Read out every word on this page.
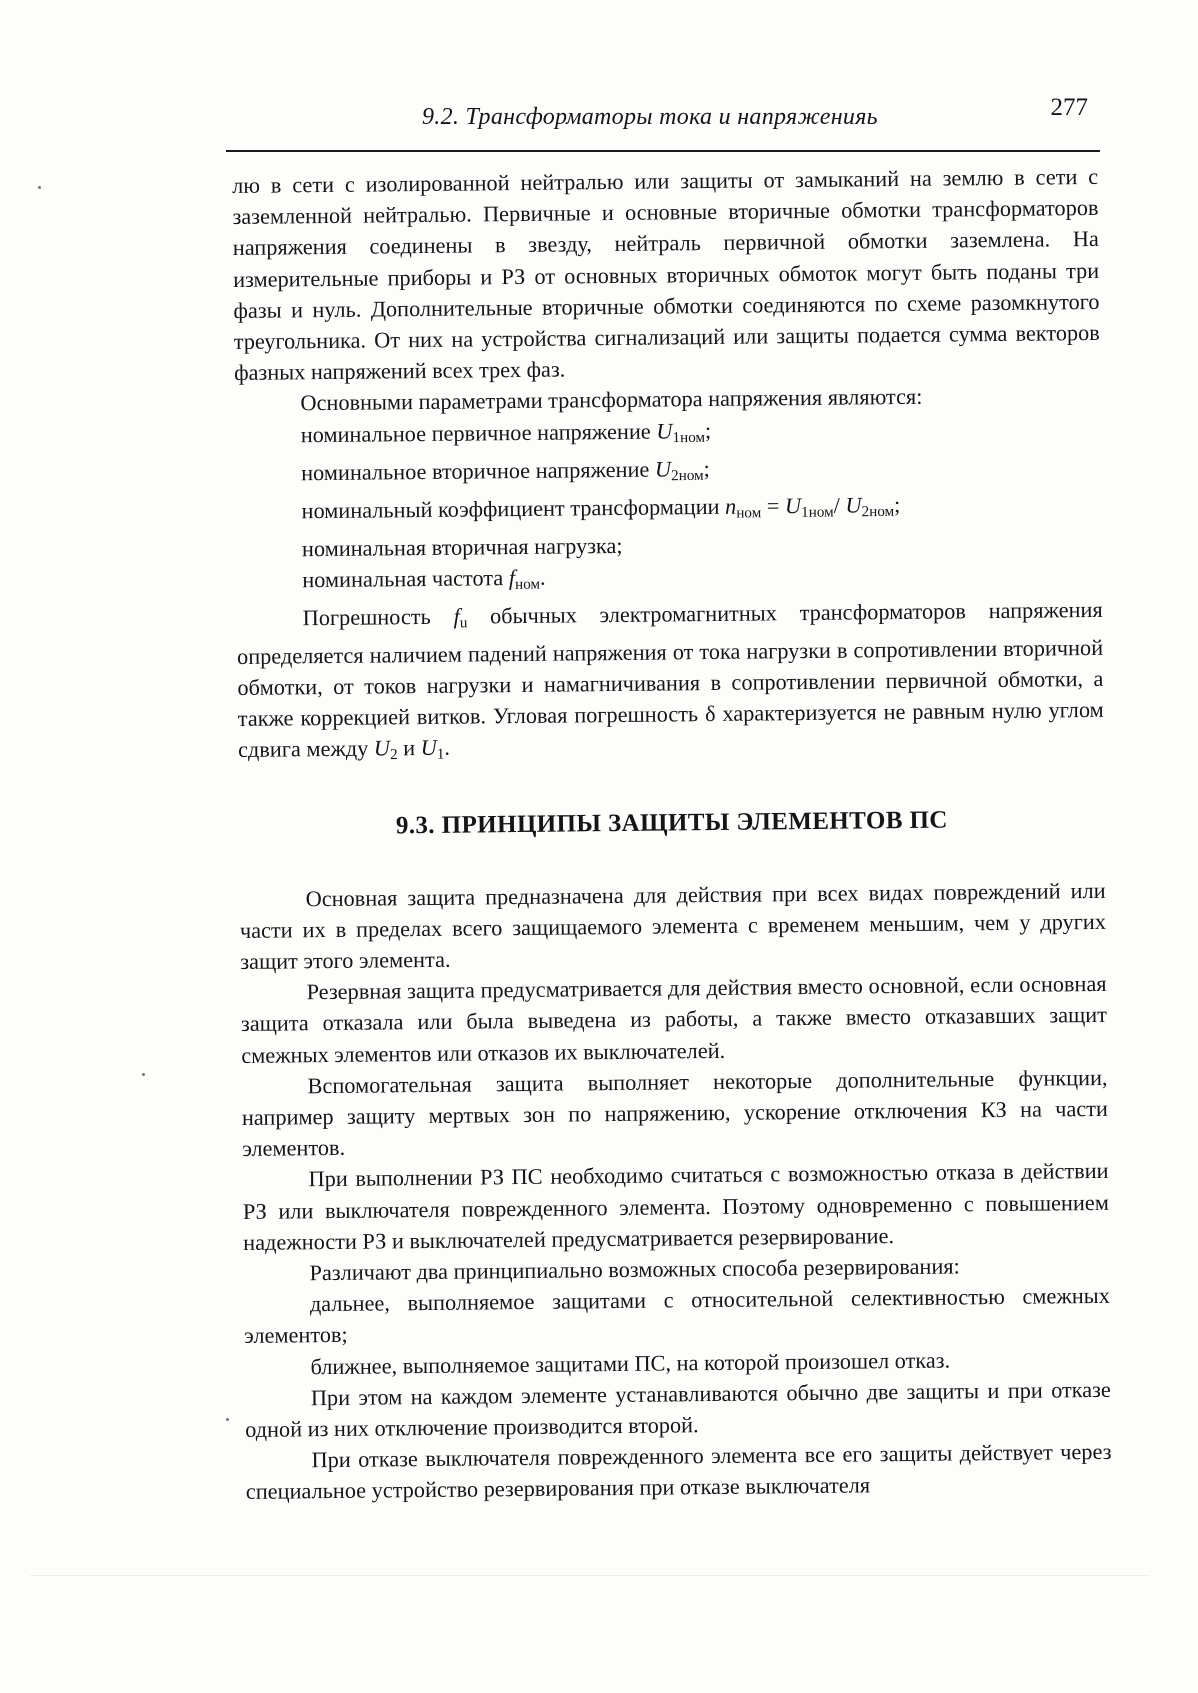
9.2. Трансформаторы тока и напряженияь	277

лю в сети с изолированной нейтралью или защиты от замыканий на землю в сети с заземленной нейтралью. Первичные и основные вторичные обмотки трансформаторов напряжения соединены в звезду, нейтраль первичной обмотки заземлена. На измерительные приборы и РЗ от основных вторичных обмоток могут быть поданы три фазы и нуль. Дополнительные вторичные обмотки соединяются по схеме разомкнутого треугольника. От них на устройства сигнализаций или защиты подается сумма векторов фазных напряжений всех трех фаз.

Основными параметрами трансформатора напряжения являются:

номинальное первичное напряжение $U_{1ном}$;

номинальное вторичное напряжение $U_{2ном}$;

номинальный коэффициент трансформации $n_{ном} = U_{1ном}/$ $U_{2ном}$;

номинальная вторичная нагрузка;

номинальная частота $f_{ном}$.

Погрешность $f_u$ обычных электромагнитных трансформаторов напряжения определяется наличием падений напряжения от тока нагрузки в сопротивлении вторичной обмотки, от токов нагрузки и намагничивания в сопротивлении первичной обмотки, а также коррекцией витков. Угловая погрешность δ характеризуется не равным нулю углом сдвига между $U_2$ и $U_1$.

9.3. ПРИНЦИПЫ ЗАЩИТЫ ЭЛЕМЕНТОВ ПС

Основная защита предназначена для действия при всех видах повреждений или части их в пределах всего защищаемого элемента с временем меньшим, чем у других защит этого элемента.

Резервная защита предусматривается для действия вместо основной, если основная защита отказала или была выведена из работы, а также вместо отказавших защит смежных элементов или отказов их выключателей.

Вспомогательная защита выполняет некоторые дополнительные функции, например защиту мертвых зон по напряжению, ускорение отключения КЗ на части элементов.

При выполнении РЗ ПС необходимо считаться с возможностью отказа в действии РЗ или выключателя поврежденного элемента. Поэтому одновременно с повышением надежности РЗ и выключателей предусматривается резервирование.

Различают два принципиально возможных способа резервирования:

дальнее, выполняемое защитами с относительной селективностью смежных элементов;

ближнее, выполняемое защитами ПС, на которой произошел отказ.

При этом на каждом элементе устанавливаются обычно две защиты и при отказе одной из них отключение производится второй.

При отказе выключателя поврежденного элемента все его защиты действует через специальное устройство резервирования при отказе выключателя
